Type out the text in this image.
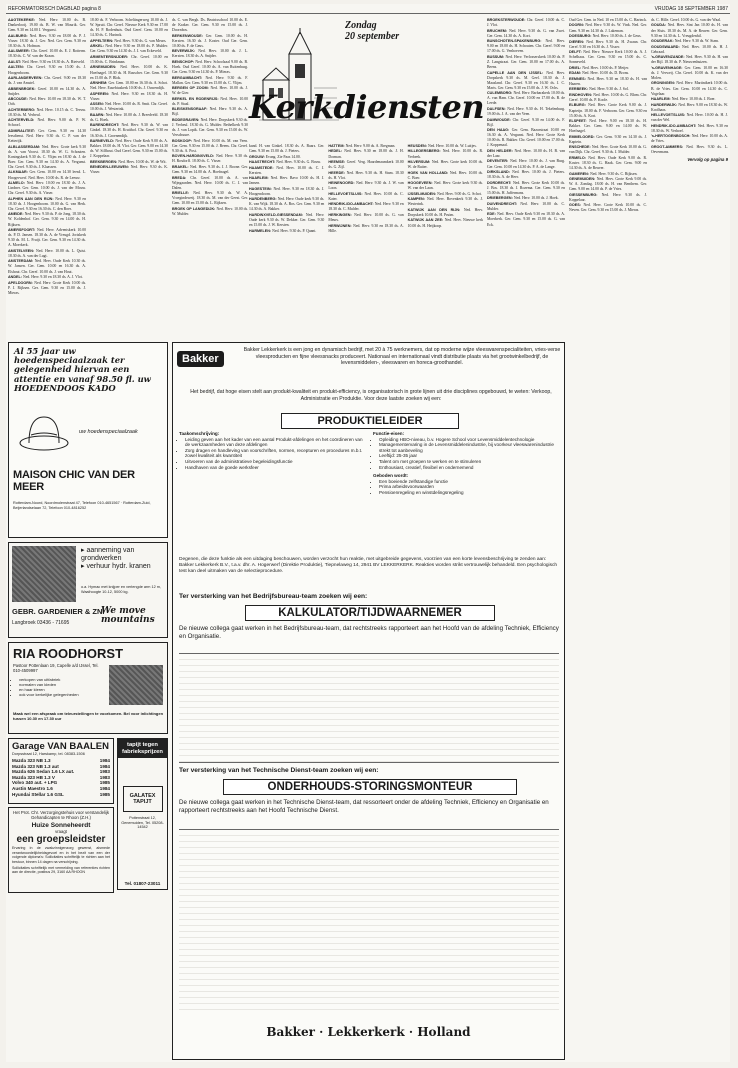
REFORMATORISCH DAGBLAD pagina 8	VRIJDAG 18 SEPTEMBER 1987

AAGTEKERKE: Ned. Herv. 10.00 ds. B. Dankerlooij. 19.00 ds. B. W. van Mourik. Ger. Gem. 9.30 en 14.00 J. Vergunst.

AALBURG: Ned. Herv. 9.30 en 18.00 ds. P. J. Visser. 18.30 ds. J. Ger. Ned. Ger. Gem. 9.30 en 18.30 ds. A. Hofman.

AALSMEER: Chr. Geref. 10.00 ds. E. J. Rotterm. 18.30 ds. C. W. van der Kraan.

AALST: Ned. Herv. 9.30 en 18.30 ds. A. Rietveld.

AALTEN: Chr. Geref. 9.30 en 15.00 ds. J. Hoogenboom.

AARLANDERVEEN: Chr. Geref. 9.00 en 18.30 ds. J. van Amstel.

ABBENBROEK: Geref. 10.00 en 14.30 ds. A. Snijder.

ABCOUDE: Ned. Herv. 10.00 en 18.30 ds. W. T. Ooh.

ACHTERBERG: Ned. Herv. 10.15 ds. C. Teeuw. 18.30 ds. M. Verheul.

ACHTERVELD: Ned. Herv. 9.00 ds. P. W. Schoorl.

ADMIRALITEIT: Ger. Gem. 9.30 en 14.30 leesdienst. Ned. Herv. 9.30 ds. C. P. van der Ketterijk.

ALBLASSERDAM: Ned. Herv. Grote kerk 9.30 ds. A. van Voorst. 18.30 ds. W. G. Schouten. Koningskerk 9.30 ds. C. Vlijm en 18.30 ds. J. de Boer. Ger. Gem. 9.30 en 14.30 ds. A. Vergunst. Chr. Geref. 9.30 ds. J. Klaassen.

ALKMAAR: Ger. Gem. 10.00 en 14.30 leesd. L. Hoogerwerf. Ned. Herv. 10.00 ds. R. de Leeuw.

ALMELO: Ned. Herv. 10.00 en 18.30 ds. J. A. Lindner. Ger. Gem. 10.00 ds. J. van der Mouw. Chr. Geref. 9.30 ds. A. Visser.

ALPHEN AAN DEN RIJN: Ned. Herv. 9.30 en 18.30 ds. J. Hoogenboom. 10.00 ds. G. van Herk. Chr. Geref. 9.30 en 16.30 ds. C. den Boer.

AMEIDE: Ned. Herv. 9.30 ds. P. de Jong. 18.30 ds. W. Koldenhof. Ger. Gem. 9.30 en 14.00 ds. H. Rijksen.

AMERSFOORT: Ned. Herv. Adventskerk 10.00 ds. P. D. Jansen. 18.30 ds. A. de Vreugd. Joriskerk 9.30 ds. M. L. Fruijt. Ger. Gem. 9.30 en 14.30 ds. A. Moerkerk.

AMSTELVEEN: Ned. Herv. 10.00 ds. L. Quist. 18.30 ds. A. van der Lugt.

AMSTERDAM: Ned. Herv. Oude Kerk 10.30 ds. W. Jansen. Ger. Gem. 10.00 en 16.30 ds. A. Elshout. Chr. Geref. 10.00 ds. J. van Hout.

ANDEL: Ned. Herv. 9.30 en 18.30 ds. A. J. Vlot.

APELDOORN: Ned. Herv. Grote Kerk 10.00 ds. P. J. Rijksen. Ger. Gem. 9.30 en 15.00 ds. J. Mieras.

18.00 ds. F. Verboom. Scheltingerweg 10.00 ds. J. W. Spruit. Chr. Geref. Nieuwe Kerk 9.30 en 17.00 ds. H. P. Rodenhuis. Oud Geref. Gem. 10.00 en 14.30 ds. C. Harinck.

APPELTERN: Ned. Herv. 9.30 ds. G. van Meurs.

ARKEL: Ned. Herv. 9.30 en 18.00 ds. P. Mulder. Ger. Gem. 9.30 en 14.30 ds. J. J. van Eckeveld.

ARMENTERSNIJDER: Chr. Geref. 10.00 en 15.00 ds. C. Brinkman.

ARNEMUIDEN: Ned. Herv. 10.00 ds. K. Hoefnagel. 18.30 ds. H. Russcher. Ger. Gem. 9.30 en 15.00 ds. P. Blok.

ARNHEM: Ger. Gem. 10.00 en 16.30 ds. A. Schot. Ned. Herv. Eusebiuskerk 10.00 ds. J. Ouwendijk.

ASPEREN: Ned. Herv. 9.30 en 18.30 ds. H. Visser.

ASSEN: Ned. Herv. 10.00 ds. R. Smit. Chr. Geref. 10.00 ds. J. Westerink.

BAARN: Ned. Herv. 10.00 ds. J. Breedveld. 18.30 ds. G. Hoek.

BARENDRECHT: Ned. Herv. 9.30 ds. W. van Ginkel. 18.30 ds. H. Kruithof. Chr. Geref. 9.30 en 16.30 ds. J. Groenendijk.

BARNEVELD: Ned. Herv. Oude Kerk 9.00 ds. A. Bakker. 18.00 ds. H. Vlot. Ger. Gem. 9.00 en 14.30 ds. W. Silfhout. Oud Geref. Gem. 9.30 en 15.00 ds. J. Koppelaar.

BEEKBERGEN: Ned. Herv. 10.00 ds. W. de Wit.

BENEDEN-LEEUWEN: Ned. Herv. 9.30 ds. K. Visser.

ds. C. van Bergh. Ds. Beatrixschool 10.00 ds. E. de Kraker. Ger. Gem. 9.30 en 15.00 ds. J. Doornbos.

BERKENWOUDE: Ger. Gem. 10.00 ds. H. Kersten. 16.30 ds. J. Koster. Oud Ger. Gem. 10.00 ds. F. de Geus.

BEVERWIJK: Ned. Herv. 10.00 ds. J. L. Kersten. 18.30 ds. A. Snijder.

BENSCHOP: Ned. Herv. Schoolzaal 9.00 ds. B. Hoek. Oud Geref. 10.00 ds. A. van Ruitenburg. Ger. Gem. 9.30 en 14.30 ds. P. Mieras.

BERGAMBACHT: Ned. Herv. 9.30 ds. F. Mallan. Ger. Gem. 9.30 en 15.00 ds. C. Vlijm.

BERGEN OP ZOOM: Ned. Herv. 10.00 ds. J. W. de Gier.

BERKEL EN RODENRIJS: Ned. Herv. 10.00 ds. P. Staal.

BLEISKENSGRAAF: Ned. Herv. 9.30 ds. A. Bijl.

BODEGRAVEN: Ned. Herv. Dorpskerk 9.30 ds. J. Verheul. 18.30 ds. G. Mulder. Bethelkerk 9.30 ds. J. van Lopik. Ger. Gem. 9.30 en 15.00 ds. W. Verschuure.

BOSKOOP: Ned. Herv. 10.00 ds. M. van Veen. Ger. Gem. 9.30 en 15.00 ds. J. Beens. Chr. Geref. 9.30 ds. A. Post.

BOVEN-HARDINXVELD: Ned. Herv. 9.30 ds. H. Rosdorff. 18.00 ds. C. Visser.

BRAKEL: Ned. Herv. 9.30 ds. J. J. Boone. Ger. Gem. 9.30 en 14.00 ds. A. Hoefnagel.

BREDA: Chr. Geref. 10.00 ds. A. van Wijngaarden. Ned. Herv. 10.00 ds. C. J. van Dalen.

BRIELLE: Ned. Herv. 9.30 ds. W. A. Vroegindeweij. 18.30 ds. M. van der Geest. Ger. Gem. 10.00 en 15.00 ds. L. Rijksen.

BROEK OP LANGEDIJK: Ned. Herv. 10.00 ds. W. Mulder.

Zondag
20 september
Kerkdiensten

BROEKSTERWOUDE: Chr. Geref. 10.00 ds. C. J. Vlot.

BRUCHEM: Ned. Herv. 9.30 ds. G. van Zwet. Ger. Gem. 14.30 ds. A. Kort.

BUNSCHOTEN-SPAKENBURG: Ned. Herv. 9.00 en 18.00 ds. H. Schouten. Chr. Geref. 9.00 en 17.00 ds. G. Venhoeven.

BUSSUM: Ned. Herv. Verlosserskerk 10.00 ds. P. Z. Langstraat. Ger. Gem. 10.00 en 17.00 ds. A. Beens.

CAPELLE AAN DEN IJSSEL: Ned. Herv. Dorpskerk 9.30 ds. M. Geel. 18.30 ds. J. Maasland. Chr. Geref. 9.30 en 16.30 ds. J. C. Maris. Ger. Gem. 9.30 en 15.00 ds. J. W. Ochs.

CULEMBORG: Ned. Herv. Barbarakerk 10.00 ds. A. van Ham. Chr. Geref. 10.00 en 17.00 ds. B. de Leede.

DALFSEN: Ned. Herv. 9.30 ds. H. Tekelenburg. 19.00 ds. J. A. van der Veen.

DAMWOUDE: Chr. Geref. 9.30 en 14.00 ds. F. Bijl.

DEN HAAG: Ger. Gem. Bazarstraat 10.00 en 16.30 ds. A. Vergunst. Ned. Herv. Grote Kerk 10.00 ds. R. Bakker. Chr. Geref. 10.00 en 17.00 ds. J. Koppenaal.

DEN HELDER: Ned. Herv. 10.00 ds. H. B. van der Laar.

DEVENTER: Ned. Herv. 10.00 ds. J. van Burg. Ger. Gem. 10.00 en 14.30 ds. P. A. de Lange.

DIRKSLAND: Ned. Herv. 10.00 ds. J. Pieters. 18.30 ds. A. de Heer.

DORDRECHT: Ned. Herv. Grote Kerk 10.00 ds. J. Bos. 18.30 ds. J. Rozema. Ger. Gem. 9.30 en 15.00 ds. H. Juffermans.

DRIEBERGEN: Ned. Herv. 10.00 ds. J. Hoek.

DUIVENDRECHT: Ned. Herv. 10.00 ds. C. Mulder.

EDE: Ned. Herv. Oude Kerk 9.30 en 18.30 ds. A. Moerkerk. Ger. Gem. 9.30 en 15.00 ds. G. van Eck.

Oud Ger. Gem. in Ned. 10 en 15.00 ds. C. Harinck.

DOORN: Ned. Herv. 9.30 ds. W. Vink. Ned. Ger. Gem. 9.30 en 14.30 ds. J. Lakeman.

DOESBURG: Ned. Herv. 10.00 ds. J. de Geus.

DIEREN: Ned. Herv. 9.30 ds. H. Zwaan. Chr. Geref. 9.30 en 16.30 ds. J. Visser.

DELFT: Ned. Herv. Nieuwe Kerk 10.00 ds. A. J. Schelhaas. Ger. Gem. 9.30 en 15.00 ds. C. Sonneveld.

DRIEL: Ned. Herv. 10.00 ds. P. Meijer.

EDAM: Ned. Herv. 10.00 ds. D. Brons.

EEMNES: Ned. Herv. 9.30 en 18.30 ds. H. van Haaren.

EERBEEK: Ned. Herv. 9.30 ds. J. Sol.

EINDHOVEN: Ned. Herv. 10.00 ds. G. Blom. Chr. Geref. 10.00 ds. P. Koole.

ELBURG: Ned. Herv. Grote Kerk 9.00 ds. J. Kapteijn. 18.00 ds. F. Verboom. Ger. Gem. 9.30 en 15.00 ds. A. Kort.

ELSPEET: Ned. Herv. 9.00 en 18.30 ds. H. Bakker. Ger. Gem. 9.00 en 14.00 ds. W. Hoefnagel.

EMMELOORD: Ger. Gem. 9.30 en 14.30 ds. J. Kaptein.

ENSCHEDE: Ned. Herv. Grote Kerk 10.00 ds. G. van Dijk. Chr. Geref. 9.30 ds. J. Mulder.

ERMELO: Ned. Herv. Oude Kerk 9.00 ds. R. Koster. 18.30 ds. G. Haak. Ger. Gem. 9.00 en 14.30 ds. A. de Reuver.

GAMEREN: Ned. Herv. 9.30 ds. C. Rijksen.

GENEMUIDEN: Ned. Herv. Grote Kerk 9.00 ds. W. A. Zondag. 18.00 ds. H. van Benthem. Ger. Gem. 9.00 en 14.00 ds. P. de Vries.

GIESSENBURG: Ned. Herv. 9.30 ds. J. Koppelaar.

GOES: Ned. Herv. Grote Kerk 10.00 ds. C. Neven. Ger. Gem. 9.30 en 15.00 ds. J. Mieras.

ds. C. Hille. Geref. 10.00 ds. G. van der Waal.

GOUDA: Ned. Herv. Sint Jan 10.00 ds. H. van der Sluis. 18.30 ds. M. A. de Reuver. Ger. Gem. 9.30 en 14.30 ds. L. Vreugdenhil.

GOUDERAK: Ned. Herv. 9.30 ds. W. Stam.

GOUDSWAARD: Ned. Herv. 10.00 ds. H. J. Gebraad.

's-GRAVENZANDE: Ned. Herv. 9.30 ds. H. van der Bijl. 18.30 ds. P. Nieuwenhuizen.

's-GRAVENHAGE: Ger. Gem. 10.00 en 16.30 ds. J. Verweij. Chr. Geref. 10.00 ds. K. van der Molen.

GRONINGEN: Ned. Herv. Martinikerk 10.00 ds. B. de Vries. Ger. Gem. 10.00 en 14.30 ds. C. Vogelaar.

HAARLEM: Ned. Herv. 10.00 ds. J. Boer.

HARDERWIJK: Ned. Herv. 9.00 en 18.30 ds. W. Koolhaas.

HELLEVOETSLUIS: Ned. Herv. 10.00 ds. H. J. van der Wel.

HENDRIK-IDO-AMBACHT: Ned. Herv. 9.30 en 18.30 ds. W. Verhoef.

's-HERTOGENBOSCH: Ned. Herv. 10.00 ds. A. de Vries.

GROOT-AMMERS: Ned. Herv. 9.30 ds. L. Oevermans.

Vervolg op pagina 9

kand. H. van Ginkel. 18.30 ds. A. Baars. Ger. Gem. 9.30 en 15.00 ds. J. Pieters.

GROUW: Evang. Zie Paas 14.00.

HAASTRECHT: Ned. Herv. 9.30 ds. G. Bouw.

HAAMSTEDE: Ned. Herv. 10.00 ds. C. J. Kersten.

HAARLEM: Ned. Herv. Bavo 10.00 ds. H. J. Jansen.

HAGESTEIN: Ned. Herv. 9.30 en 18.30 ds. J. Hoogendoorn.

HARDENBERG: Ned. Herv. Oude kerk 9.30 ds. K. van Wijk. 18.30 ds. A. Bos. Ger. Gem. 9.30 en 14.30 ds. A. Bakker.

HARDINXVELD-GIESSENDAM: Ned. Herv. Oude kerk 9.30 ds. W. Dekker. Ger. Gem. 9.30 en 15.00 ds. J. W. Kersten.

HARMELEN: Ned. Herv. 9.30 ds. P. Quant.

HATTEM: Ned. Herv. 9.00 ds. A. Bregman.

HEDEL: Ned. Herv. 9.30 en 18.00 ds. J. H. Dorman.

HEEMSE: Geref. Verg. Haardenaumkerk 10.00 ds. G. Zijl.

HEERDE: Ned. Herv. 9.30 ds. H. Stam. 18.30 ds. H. Vlot.

HEINENOORD: Ned. Herv. 9.30 ds. J. W. van Loon.

HELLEVOETSLUIS: Ned. Herv. 10.00 ds. C. Kater.

HENDRIK-IDO-AMBACHT: Ned. Herv. 9.30 en 18.30 ds. C. Mulder.

HERKINGEN: Ned. Herv. 10.00 ds. G. van Meurs.

HERWIJNEN: Ned. Herv. 9.30 en 18.30 ds. A. Hille.

HEUSDEN: Ned. Herv. 10.00 ds. W. Luitjes.

HILLEGERSBERG: Ned. Herv. 10.00 ds. R. Verbeek.

HILVERSUM: Ned. Herv. Grote kerk 10.00 ds. W. de Ruiter.

HOEK VAN HOLLAND: Ned. Herv. 10.00 ds. C. Boer.

HOOGEVEEN: Ned. Herv. Grote kerk 9.30 ds. W. van der Laan.

IJSSELMUIDEN: Ned. Herv. 9.00 ds. G. Schot.

KAMPEN: Ned. Herv. Bovenkerk 9.30 ds. J. Westerink.

KATWIJK AAN DEN RIJN: Ned. Herv. Dorpskerk 10.00 ds. H. Pruim.

KATWIJK AAN ZEE: Ned. Herv. Nieuwe kerk 10.00 ds. H. Heijkoop.

Al 55 jaar uw hoedenspeciaalzaak ter gelegenheid hiervan een attentie en vanaf 98.50 fl. uw HOEDENDOOS KADO
uw hoedenspeciaalzaak
MAISON CHIC VAN DER MEER
Rotterdam-Noord, Noordmolenstraat 47, Telefoon 010-4651567 · Rotterdam-Zuid, Beijerlandselaan 72, Telefoon 010-4816252
▸ aanneming van grondwerken
▸ verhuur hydr. kranen
o.a. Hymac met knijper en verlengde arm 12 m, Waalhoogte 10-12, 5000 kg.
GEBR. GARDENIER & ZN.
Langbroek 03436 - 71695
We move mountains
RIA ROODHORST
Pastoor Pottenlaan 19, Capelle a/d IJssel, Tel. 010-4509997
• verkopen van uitfabriek
• normalen van kleden
• en haar kleren
• ook voor kerkelijke gelegenheden
Maak wel een afspraak om teleurstellingen te voorkomen. Bel voor inlichtingen tussen 10.30 en 17.30 uur
Garage VAN BAALEN
Dorpsstraat 12, Harskamp, tel. 08383-1506
Mazda 323 NB 1.3	1984
Mazda 323 NB 1.3 aut	1984
Mazda 626 Sedan 1.6 LX aut.	1983
Mazda 323 HB 1.3 V	1983
Volvo 340 aut. + LPG	1985
Austin Maestro 1.6	1984
Hyundai Stellar 1.6 GSL	1985
tapijt tegen fabrieksprijzen
GALATEX TAPIJT
Pottenstraat 12, Genemuiden, Tel. 05208-14542
Tel. 01807-23011
Het Prot. Chr. Verzorgingstehuis voor verstandelijk Gehandicapten te Rhoon (Z.H.)
Huize Sonneheerdt
vraagt
een groepsleidster
Ervaring in de zwakzinnigenzorg gewenst, alsmede verantwoordelijkheidsgevoel en in het bezit van een der volgende diploma's: Sollicitaties schriftelijk te richten aan het bestuur, binnen 14 dagen na verschijning.
Sollicitaties schriftelijk met vermelding van referenties richten aan de directie, postbus 29, 3160 AA RHOON
Bakker
Bakker Lekkerkerk is een jong en dynamisch bedrijf, met 20 à 75 werknemers, dat op moderne wijze vleeswarenspecialiteiten, vries-verse vleesproducten en fijne vleessnacks produceert. Nationaal en internationaal vindt distributie plaats via het grootwinkelbedrijf, de levensmiddelen-, vleeswaren en horeca-groothandel.
Het bedrijf, dat hoge eisen stelt aan produkt-kwaliteit en produkt-efficiency, is organisatorisch in grote lijnen uit drie disciplines opgebouwd, te weten: Verkoop, Administratie en Produktie. Voor deze laatste zoeken wij een:
PRODUKTIELEIDER
Taakomschrijving:
• Leiding geven aan het kader van een aantal Produkt-afdelingen en het coördineren van de werkzaamheden van deze afdelingen
• Zorg dragen en handleving van voorschriften, normen, recepturen en procedures m.b.t. zowel kwaliteit als kwantiteit
• Uitvoeren van de administratieve begeleidingsfunctie
• Handhaven van de goede werksfeer
Functie-eisen:
• Opleiding HBO-niveau, b.v. Hogere School voor Levensmiddelentechnologie
• Managementervaring in de Levensmiddelenindustrie, bij voorkeur vleeswarenindustrie strekt tot aanbeveling
• Leeftijd: 25-35 jaar
• Talent om met groepen te werken en te stimuleren
• Enthousiast, creatief, flexibel en ondernemend
Geboden wordt:
• Een boeiende zelfstandige functie
• Prima arbeidsvoorwaarden
• Pensioenregeling en winstdelingsregeling
Degenen, die deze funktie als een uitdaging beschouwen, worden verzocht hun reaktie, met uitgebreide gegevens, voorzien van een korte levensbeschrijving te zenden aan: Bakker Lekkerkerk B.V., t.a.v. dhr. A. Hogerwerf (Direktie Produktie), Tiepnelaweg 14, 2941 BV LEKKERKERK. Reakties worden strikt vertrouwelijk behandeld. Een psychologisch test kan deel uitmaken van de selectieprocedure.
Ter versterking van het Bedrijfsbureau-team zoeken wij een:
KALKULATOR/TIJDWAARNEMER
De nieuwe collega gaat werken in het Bedrijfsbureau-team, dat rechtstreeks rapporteert aan het Hoofd van de afdeling Techniek, Efficiency en Organisatie.
Ter versterking van het Technische Dienst-team zoeken wij een:
ONDERHOUDS-STORINGSMONTEUR
De nieuwe collega gaat werken in het Technische Dienst-team, dat ressorteert onder de afdeling Techniek, Efficiency en Organisatie en rapporteert rechtstreeks aan het Hoofd Technische Dienst.
Bakker · Lekkerkerk · Holland
